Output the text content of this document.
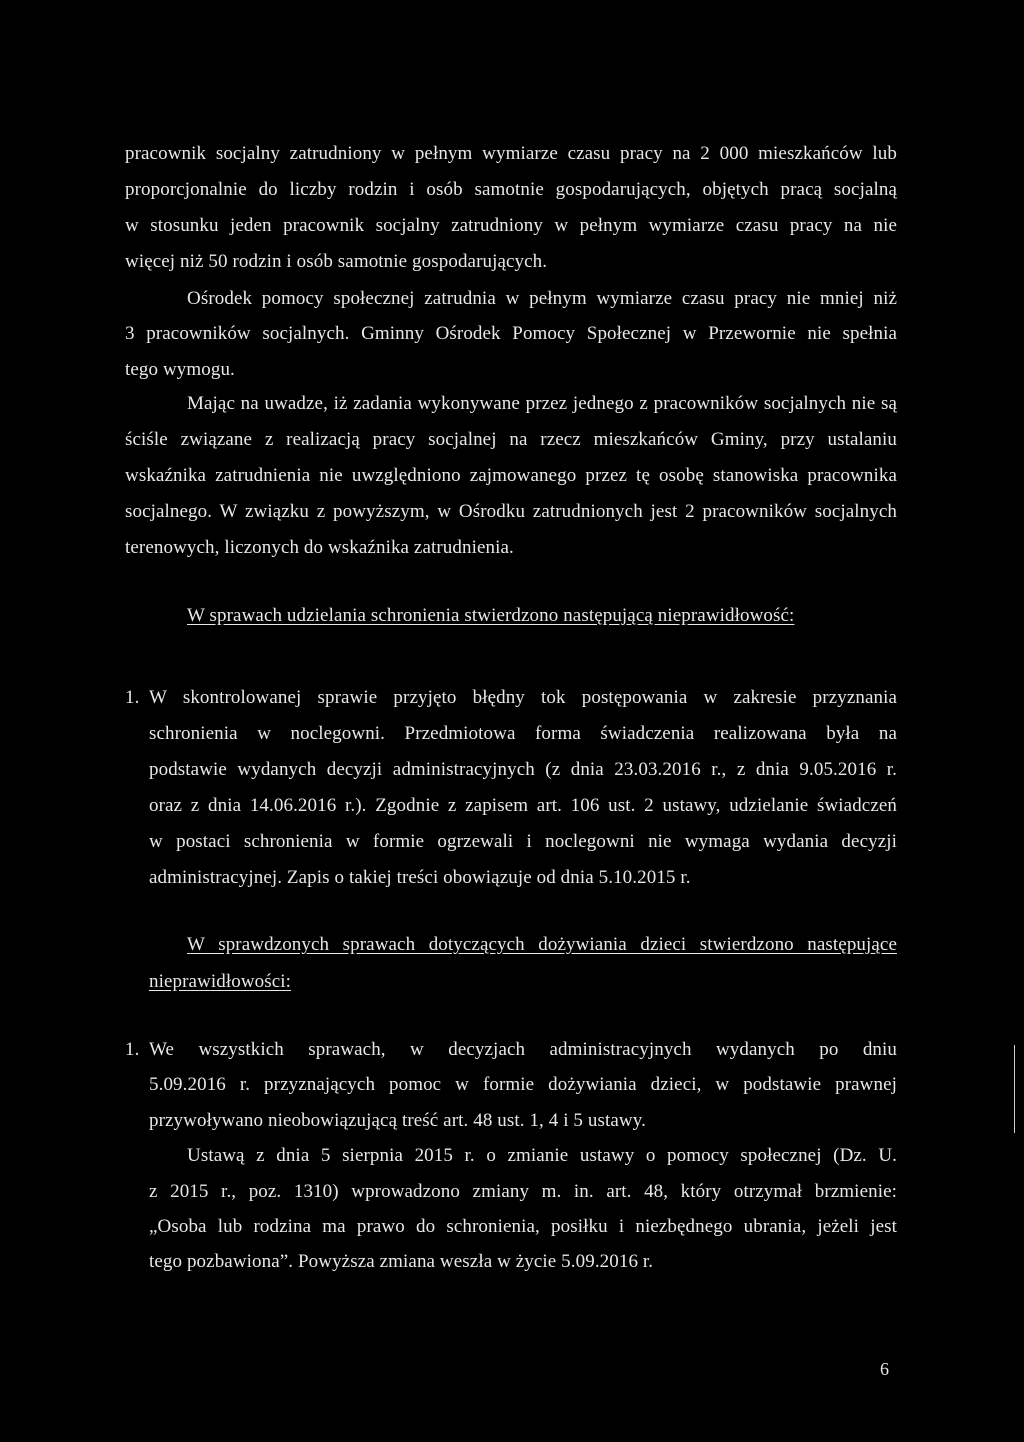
pracownik socjalny zatrudniony w pełnym wymiarze czasu pracy na 2 000 mieszkańców lub
proporcjonalnie do liczby rodzin i osób samotnie gospodarujących, objętych pracą socjalną
w stosunku jeden pracownik socjalny zatrudniony w pełnym wymiarze czasu pracy na nie
więcej niż 50 rodzin i osób samotnie gospodarujących.
Ośrodek pomocy społecznej zatrudnia w pełnym wymiarze czasu pracy nie mniej niż
3 pracowników socjalnych. Gminny Ośrodek Pomocy Społecznej w Przewornie nie spełnia
tego wymogu.
Mając na uwadze, iż zadania wykonywane przez jednego z pracowników socjalnych nie są
ściśle związane z realizacją pracy socjalnej na rzecz mieszkańców Gminy, przy ustalaniu
wskaźnika zatrudnienia nie uwzględniono zajmowanego przez tę osobę stanowiska pracownika
socjalnego. W związku z powyższym, w Ośrodku zatrudnionych jest 2 pracowników socjalnych
terenowych, liczonych do wskaźnika zatrudnienia.
W sprawach udzielania schronienia stwierdzono następującą nieprawidłowość:
1. W skontrolowanej sprawie przyjęto błędny tok postępowania w zakresie przyznania
schronienia w noclegowni. Przedmiotowa forma świadczenia realizowana była na
podstawie wydanych decyzji administracyjnych (z dnia 23.03.2016 r., z dnia 9.05.2016 r.
oraz z dnia 14.06.2016 r.). Zgodnie z zapisem art. 106 ust. 2 ustawy, udzielanie świadczeń
w postaci schronienia w formie ogrzewali i noclegowni nie wymaga wydania decyzji
administracyjnej. Zapis o takiej treści obowiązuje od dnia 5.10.2015 r.
W sprawdzonych sprawach dotyczących dożywiania dzieci stwierdzono następujące
nieprawidłowości:
1. We wszystkich sprawach, w decyzjach administracyjnych wydanych po dniu
5.09.2016 r. przyznających pomoc w formie dożywiania dzieci, w podstawie prawnej
przywoływano nieobowiązującą treść art. 48 ust. 1, 4 i 5 ustawy.
Ustawą z dnia 5 sierpnia 2015 r. o zmianie ustawy o pomocy społecznej (Dz. U.
z 2015 r., poz. 1310) wprowadzono zmiany m. in. art. 48, który otrzymał brzmienie:
„Osoba lub rodzina ma prawo do schronienia, posiłku i niezbędnego ubrania, jeżeli jest
tego pozbawiona”. Powyższa zmiana weszła w życie 5.09.2016 r.
6
